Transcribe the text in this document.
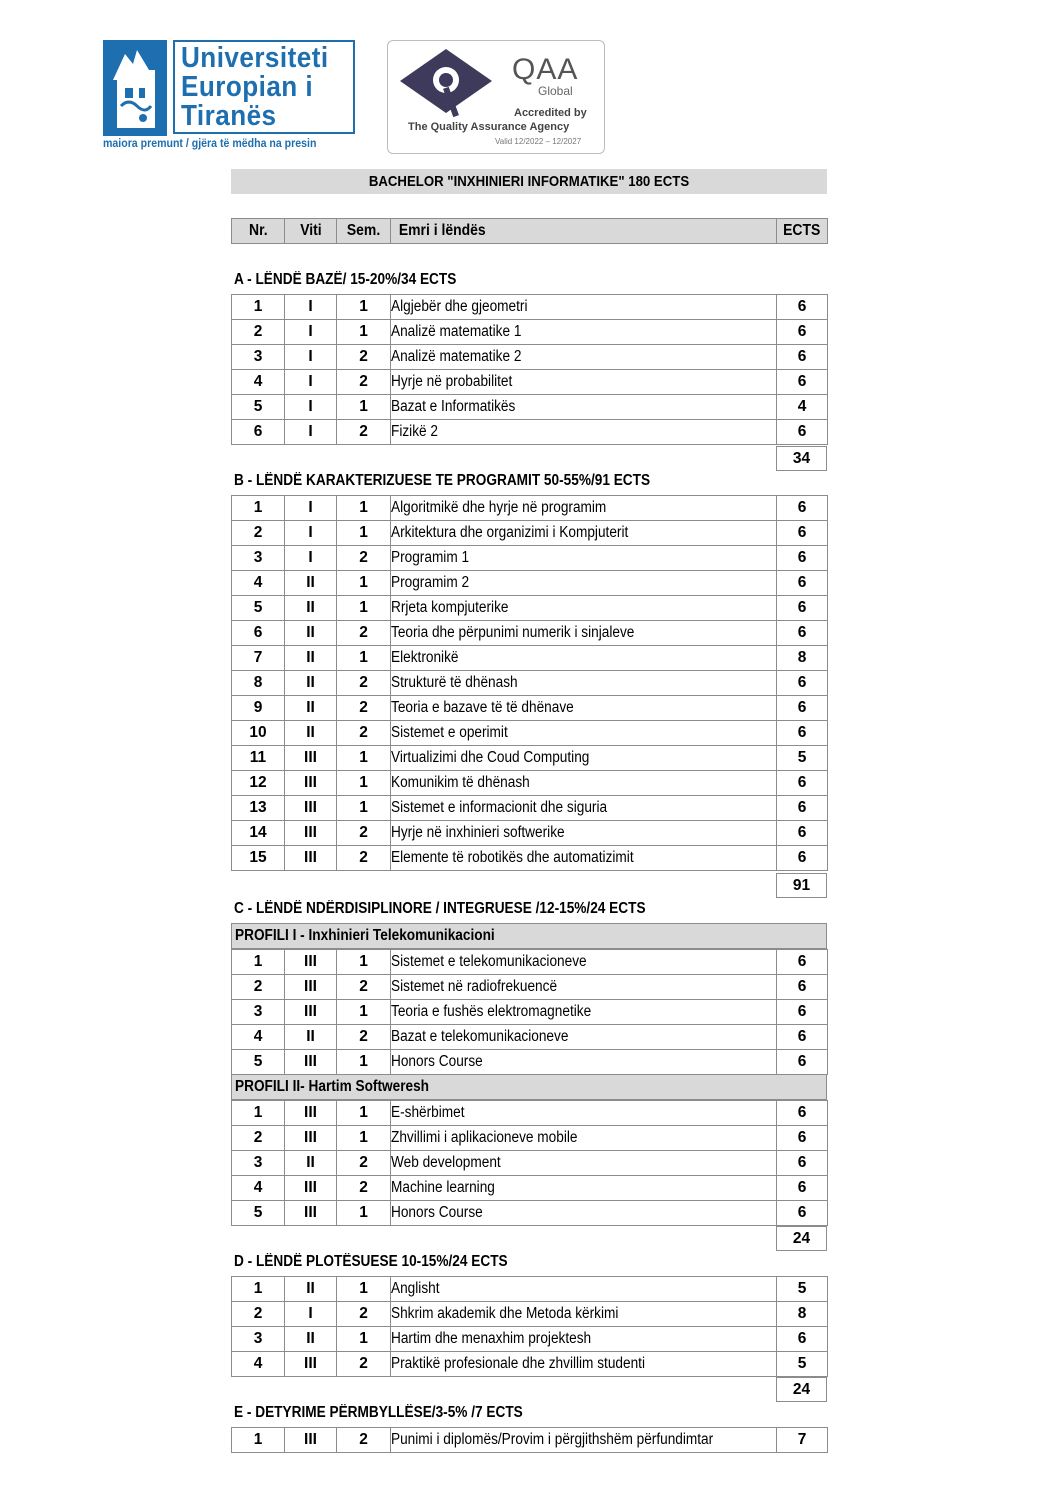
Universiteti
Europian i
Tiranës
maiora premunt / gjëra të mëdha na presin
QAA
Global
Accredited by
The Quality Assurance Agency
Valid 12/2022 – 12/2027
BACHELOR "INXHINIERI INFORMATIKE" 180 ECTS
Nr.	Viti	Sem.	Emri i lëndës	ECTS
A - LËNDË BAZË/ 15-20%/34 ECTS
1	I	1	Algjebër dhe gjeometri	6
2	I	1	Analizë matematike 1	6
3	I	2	Analizë matematike 2	6
4	I	2	Hyrje në probabilitet	6
5	I	1	Bazat e Informatikës	4
6	I	2	Fizikë 2	6
34
B - LËNDË KARAKTERIZUESE TE PROGRAMIT 50-55%/91 ECTS
1	I	1	Algoritmikë dhe hyrje në programim	6
2	I	1	Arkitektura dhe organizimi i Kompjuterit	6
3	I	2	Programim 1	6
4	II	1	Programim 2	6
5	II	1	Rrjeta kompjuterike	6
6	II	2	Teoria dhe përpunimi numerik i sinjaleve	6
7	II	1	Elektronikë	8
8	II	2	Strukturë të dhënash	6
9	II	2	Teoria e bazave të të dhënave	6
10	II	2	Sistemet e operimit	6
11	III	1	Virtualizimi dhe Coud Computing	5
12	III	1	Komunikim të dhënash	6
13	III	1	Sistemet e informacionit dhe siguria	6
14	III	2	Hyrje në inxhinieri softwerike	6
15	III	2	Elemente të robotikës dhe automatizimit	6
91
C - LËNDË NDËRDISIPLINORE / INTEGRUESE /12-15%/24 ECTS
PROFILI I - Inxhinieri Telekomunikacioni
1	III	1	Sistemet e telekomunikacioneve	6
2	III	2	Sistemet në radiofrekuencë	6
3	III	1	Teoria e fushës elektromagnetike	6
4	II	2	Bazat e telekomunikacioneve	6
5	III	1	Honors Course	6
PROFILI II- Hartim Softweresh
1	III	1	E-shërbimet	6
2	III	1	Zhvillimi i aplikacioneve mobile	6
3	II	2	Web development	6
4	III	2	Machine learning	6
5	III	1	Honors Course	6
24
D - LËNDË PLOTËSUESE 10-15%/24 ECTS
1	II	1	Anglisht	5
2	I	2	Shkrim akademik dhe Metoda kërkimi	8
3	II	1	Hartim dhe menaxhim projektesh	6
4	III	2	Praktikë profesionale dhe zhvillim studenti	5
24
E - DETYRIME PËRMBYLLËSE/3-5% /7 ECTS
1	III	2	Punimi i diplomës/Provim i përgjithshëm përfundimtar	7
